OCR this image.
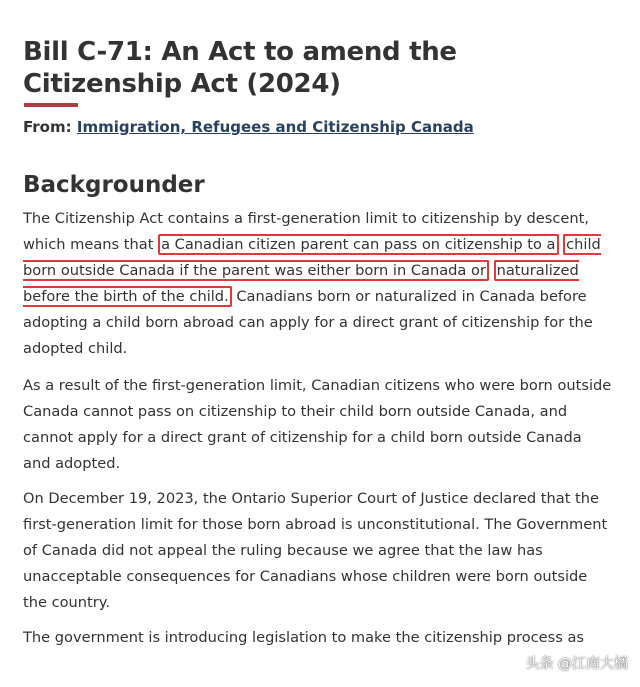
Bill C-71: An Act to amend the Citizenship Act (2024)
From: Immigration, Refugees and Citizenship Canada
Backgrounder

The Citizenship Act contains a first-generation limit to citizenship by descent, which means that a Canadian citizen parent can pass on citizenship to a child born outside Canada if the parent was either born in Canada or naturalized before the birth of the child. Canadians born or naturalized in Canada before adopting a child born abroad can apply for a direct grant of citizenship for the adopted child.

As a result of the first-generation limit, Canadian citizens who were born outside Canada cannot pass on citizenship to their child born outside Canada, and cannot apply for a direct grant of citizenship for a child born outside Canada and adopted.

On December 19, 2023, the Ontario Superior Court of Justice declared that the first-generation limit for those born abroad is unconstitutional. The Government of Canada did not appeal the ruling because we agree that the law has unacceptable consequences for Canadians whose children were born outside the country.

The government is introducing legislation to make the citizenship process as

头条 @江南大橘
